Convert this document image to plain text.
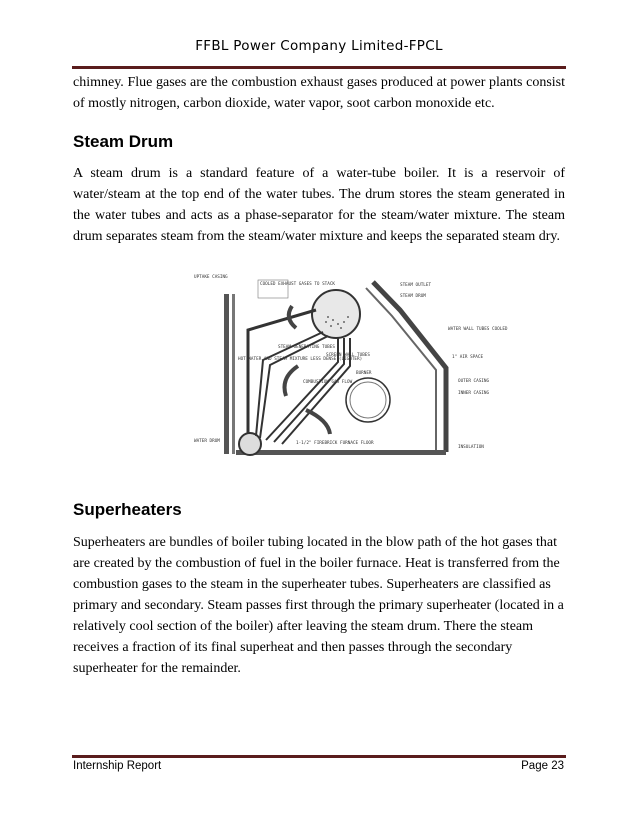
FFBL Power Company Limited-FPCL

chimney. Flue gases are the combustion exhaust gases produced at power plants consist of mostly nitrogen, carbon dioxide, water vapor, soot carbon monoxide etc.

Steam Drum

A steam drum is a standard feature of a water-tube boiler. It is a reservoir of water/steam at the top end of the water tubes. The drum stores the steam generated in the water tubes and acts as a phase-separator for the steam/water mixture. The steam drum separates steam from the steam/water mixture and keeps the separated steam dry.

UPTAKE CASING
COOLED EXHAUST GASES TO STACK	STEAM OUTLET
STEAM DRUM
WATER WALL TUBES COOLED
1" AIR SPACE
STEAM GENERATING TUBES
HOT WATER AND STEAM MIXTURE LESS DENSE (LIGHTER)
SCREEN WALL TUBES
COMBUSTION GAS FLOW
BURNER
OUTER CASING
INNER CASING
1-1/2" FIREBRICK FURNACE FLOOR
INSULATION
WATER DRUM
Superheaters

Superheaters are bundles of boiler tubing located in the blow path of the hot gases that are created by the combustion of fuel in the boiler furnace. Heat is transferred from the combustion gases to the steam in the superheater tubes. Superheaters are classified as primary and secondary. Steam passes first through the primary superheater (located in a relatively cool section of the boiler) after leaving the steam drum. There the steam receives a fraction of its final superheat and then passes through the secondary superheater for the remainder.

Internship Report	Page 23
